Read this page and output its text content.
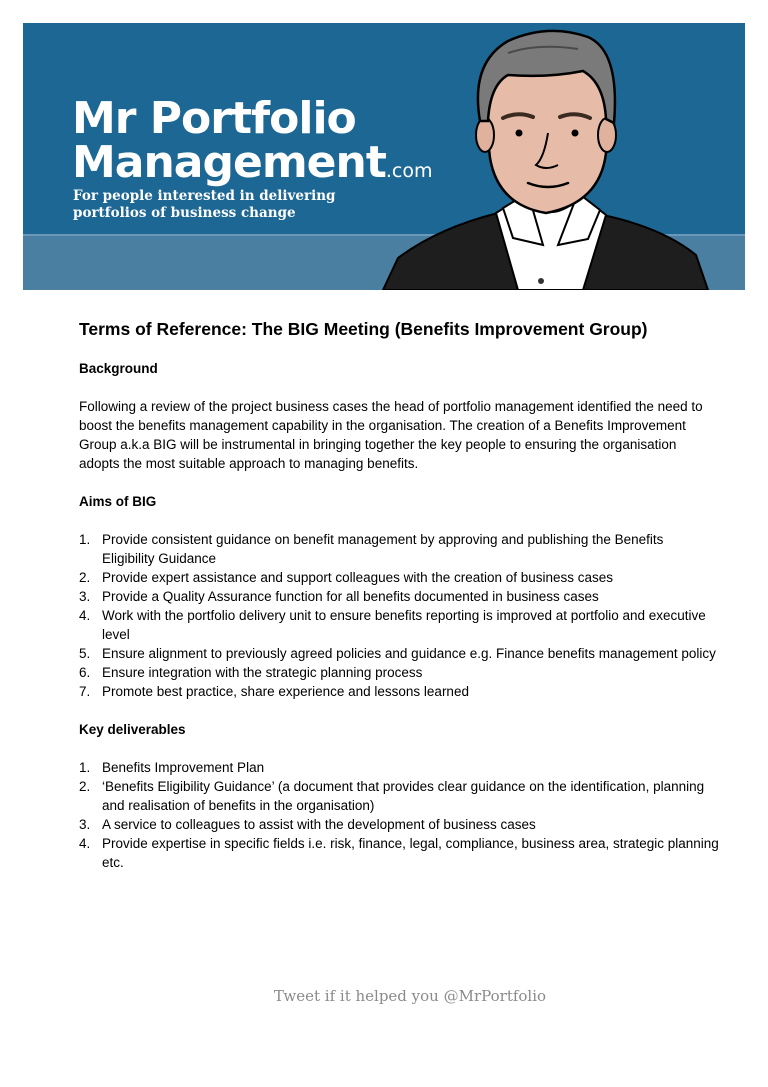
Mr Portfolio
Management.com
For people interested in delivering portfolios of business change
Terms of Reference: The BIG Meeting (Benefits Improvement Group)
Background
Following a review of the project business cases the head of portfolio management identified the need to boost the benefits management capability in the organisation. The creation of a Benefits Improvement Group a.k.a BIG will be instrumental in bringing together the key people to ensuring the organisation adopts the most suitable approach to managing benefits.
Aims of BIG
1. Provide consistent guidance on benefit management by approving and publishing the Benefits Eligibility Guidance
2. Provide expert assistance and support colleagues with the creation of business cases
3. Provide a Quality Assurance function for all benefits documented in business cases
4. Work with the portfolio delivery unit to ensure benefits reporting is improved at portfolio and executive level
5. Ensure alignment to previously agreed policies and guidance e.g. Finance benefits management policy
6. Ensure integration with the strategic planning process
7. Promote best practice, share experience and lessons learned
Key deliverables
1. Benefits Improvement Plan
2. ‘Benefits Eligibility Guidance’ (a document that provides clear guidance on the identification, planning and realisation of benefits in the organisation)
3. A service to colleagues to assist with the development of business cases
4. Provide expertise in specific fields i.e. risk, finance, legal, compliance, business area, strategic planning etc.
Tweet if it helped you @MrPortfolio
